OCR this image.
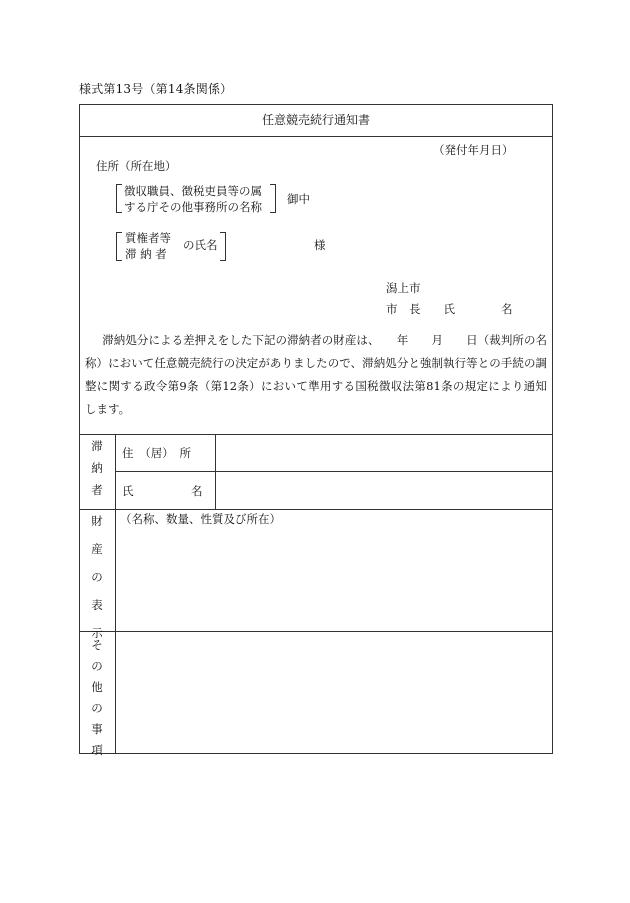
様式第13号（第14条関係）
任意競売続行通知書
（発付年月日）
住所（所在地）
徴収職員、徴税吏員等の属
する庁その他事務所の名称
御中
質権者等
滞 納 者
の氏名	様
潟上市
市　長　　氏　　　　名

滞納処分による差押えをした下記の滞納者の財産は、　　年　　月　　日（裁判所の名称）において任意競売続行の決定がありましたので、滞納処分と強制執行等との手続の調整に関する政令第9条（第12条）において準用する国税徴収法第81条の規定により通知します。

滞
納
者
住　（居）　所
氏　　　　　名
財
産
の
表
示
（名称、数量、性質及び所在）
そ
の
他
の
事
項
